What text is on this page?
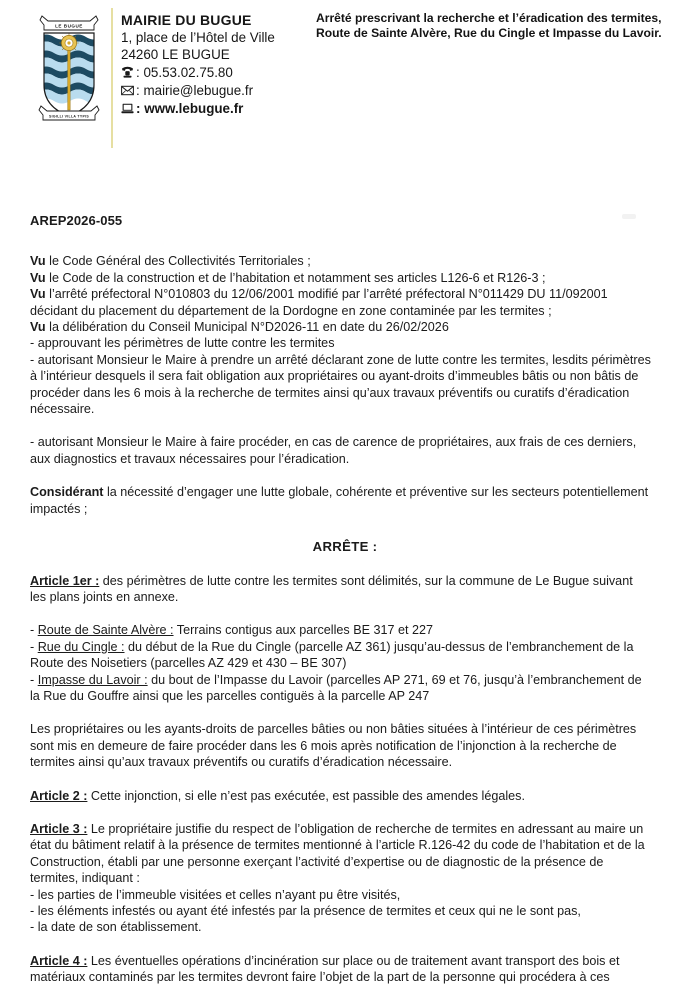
LE BUGUE
SIGILLI VILLA TYPIS
MAIRIE DU BUGUE
1, place de l’Hôtel de Ville
24260 LE BUGUE
: 05.53.02.75.80
: mairie@lebugue.fr
: www.lebugue.fr
Arrêté prescrivant la recherche et l’éradication des termites,
Route de Sainte Alvère, Rue du Cingle et Impasse du Lavoir.
AREP2026-055

Vu le Code Général des Collectivités Territoriales ;

Vu le Code de la construction et de l’habitation et notamment ses articles L126-6 et R126-3 ;

Vu l’arrêté préfectoral N°010803 du 12/06/2001 modifié par l’arrêté préfectoral N°011429 DU 11/092001 décidant du placement du département de la Dordogne en zone contaminée par les termites ;

Vu la délibération du Conseil Municipal N°D2026-11 en date du 26/02/2026

- approuvant les périmètres de lutte contre les termites

- autorisant Monsieur le Maire à prendre un arrêté déclarant zone de lutte contre les termites, lesdits périmètres à l’intérieur desquels il sera fait obligation aux propriétaires ou ayant-droits d’immeubles bâtis ou non bâtis de procéder dans les 6 mois à la recherche de termites ainsi qu’aux travaux préventifs ou curatifs d’éradication nécessaire.

- autorisant Monsieur le Maire à faire procéder, en cas de carence de propriétaires, aux frais de ces derniers, aux diagnostics et travaux nécessaires pour l’éradication.

Considérant la nécessité d’engager une lutte globale, cohérente et préventive sur les secteurs potentiellement impactés ;

ARRÊTE :

Article 1er : des périmètres de lutte contre les termites sont délimités, sur la commune de Le Bugue suivant les plans joints en annexe.

- Route de Sainte Alvère : Terrains contigus aux parcelles BE 317 et 227

- Rue du Cingle : du début de la Rue du Cingle (parcelle AZ 361) jusqu’au-dessus de l’embranchement de la Route des Noisetiers (parcelles AZ 429 et 430 – BE 307)

- Impasse du Lavoir : du bout de l’Impasse du Lavoir (parcelles AP 271, 69 et 76, jusqu’à l’embranchement de la Rue du Gouffre ainsi que les parcelles contiguës à la parcelle AP 247

Les propriétaires ou les ayants-droits de parcelles bâties ou non bâties situées à l’intérieur de ces périmètres sont mis en demeure de faire procéder dans les 6 mois après notification de l’injonction à la recherche de termites ainsi qu’aux travaux préventifs ou curatifs d’éradication nécessaire.

Article 2 : Cette injonction, si elle n’est pas exécutée, est passible des amendes légales.

Article 3 : Le propriétaire justifie du respect de l’obligation de recherche de termites en adressant au maire un état du bâtiment relatif à la présence de termites mentionné à l’article R.126-42 du code de l’habitation et de la Construction, établi par une personne exerçant l’activité d’expertise ou de diagnostic de la présence de termites, indiquant :

- les parties de l’immeuble visitées et celles n’ayant pu être visités,

- les éléments infestés ou ayant été infestés par la présence de termites et ceux qui ne le sont pas,

- la date de son établissement.

Article 4 : Les éventuelles opérations d’incinération sur place ou de traitement avant transport des bois et matériaux contaminés par les termites devront faire l’objet de la part de la personne qui procédera à ces
